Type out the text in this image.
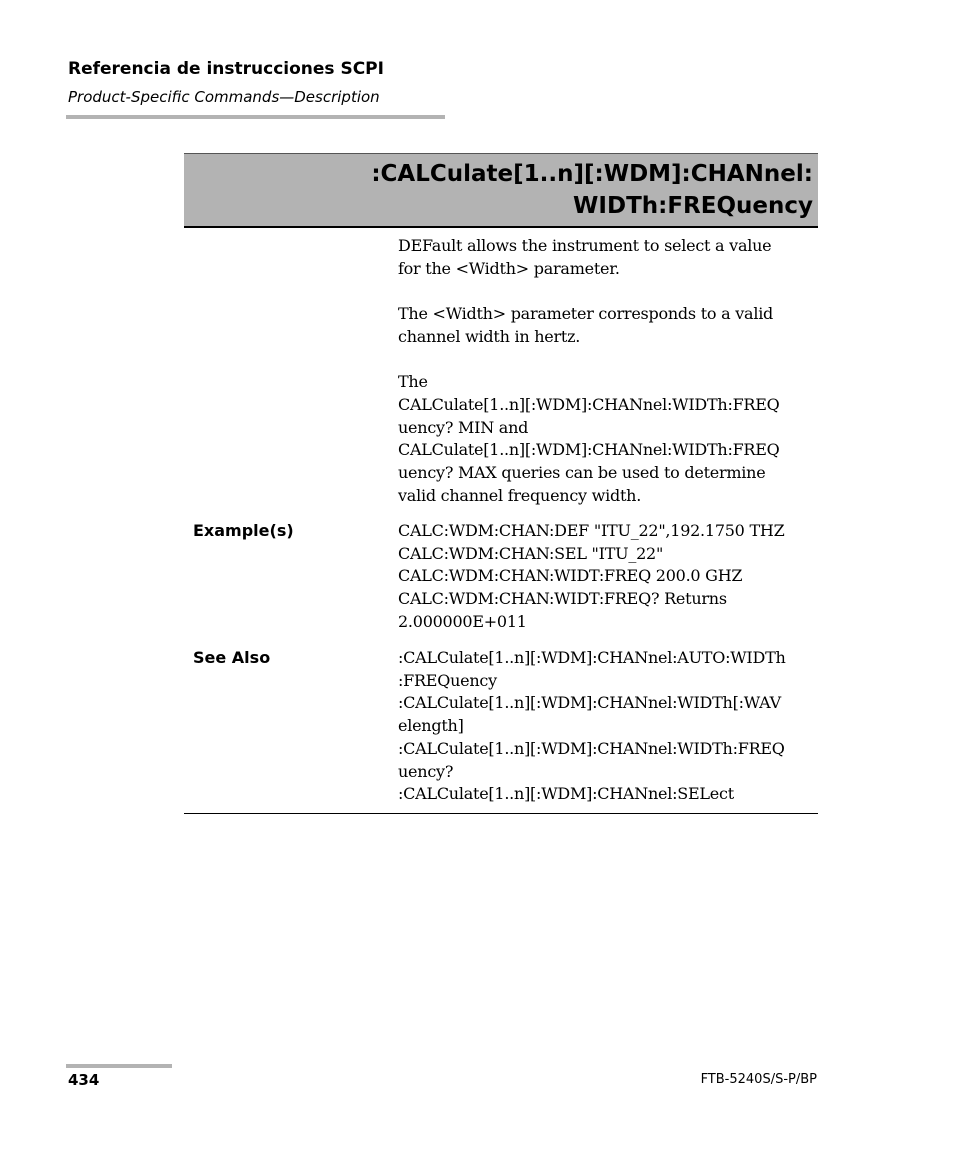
Referencia de instrucciones SCPI
Product-Specific Commands—Description
:CALCulate[1..n][:WDM]:CHANnel:
WIDTh:FREQuency
DEFault allows the instrument to select a value
for the <Width> parameter.

The <Width> parameter corresponds to a valid
channel width in hertz.

The
CALCulate[1..n][:WDM]:CHANnel:WIDTh:FREQ
uency? MIN and
CALCulate[1..n][:WDM]:CHANnel:WIDTh:FREQ
uency? MAX queries can be used to determine
valid channel frequency width.
Example(s)	CALC:WDM:CHAN:DEF "ITU_22",192.1750 THZ
CALC:WDM:CHAN:SEL "ITU_22"
CALC:WDM:CHAN:WIDT:FREQ 200.0 GHZ
CALC:WDM:CHAN:WIDT:FREQ? Returns
2.000000E+011
See Also	:CALCulate[1..n][:WDM]:CHANnel:AUTO:WIDTh
:FREQuency
:CALCulate[1..n][:WDM]:CHANnel:WIDTh[:WAV
elength]
:CALCulate[1..n][:WDM]:CHANnel:WIDTh:FREQ
uency?
:CALCulate[1..n][:WDM]:CHANnel:SELect
434	FTB-5240S/S-P/BP
